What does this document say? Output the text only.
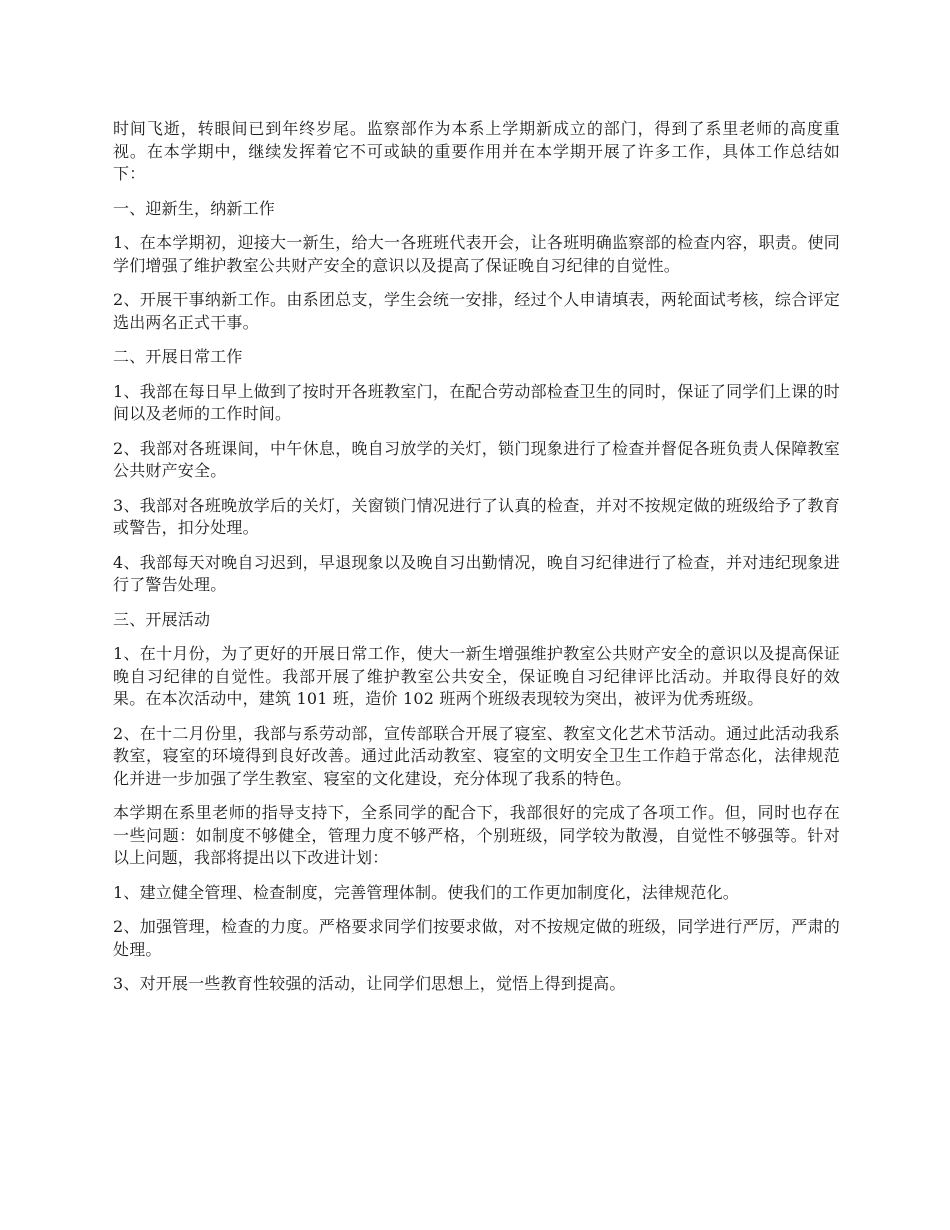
时间飞逝，转眼间已到年终岁尾。监察部作为本系上学期新成立的部门，得到了系里老师的高度重视。在本学期中，继续发挥着它不可或缺的重要作用并在本学期开展了许多工作，具体工作总结如下：

一、迎新生，纳新工作

1、在本学期初，迎接大一新生，给大一各班班代表开会，让各班明确监察部的检查内容，职责。使同学们增强了维护教室公共财产安全的意识以及提高了保证晚自习纪律的自觉性。

2、开展干事纳新工作。由系团总支，学生会统一安排，经过个人申请填表，两轮面试考核，综合评定选出两名正式干事。

二、开展日常工作

1、我部在每日早上做到了按时开各班教室门，在配合劳动部检查卫生的同时，保证了同学们上课的时间以及老师的工作时间。

2、我部对各班课间，中午休息，晚自习放学的关灯，锁门现象进行了检查并督促各班负责人保障教室公共财产安全。

3、我部对各班晚放学后的关灯，关窗锁门情况进行了认真的检查，并对不按规定做的班级给予了教育或警告，扣分处理。

4、我部每天对晚自习迟到，早退现象以及晚自习出勤情况，晚自习纪律进行了检查，并对违纪现象进行了警告处理。

三、开展活动

1、在十月份，为了更好的开展日常工作，使大一新生增强维护教室公共财产安全的意识以及提高保证晚自习纪律的自觉性。我部开展了维护教室公共安全，保证晚自习纪律评比活动。并取得良好的效果。在本次活动中，建筑 101 班，造价 102 班两个班级表现较为突出，被评为优秀班级。

2、在十二月份里，我部与系劳动部，宣传部联合开展了寝室、教室文化艺术节活动。通过此活动我系教室，寝室的环境得到良好改善。通过此活动教室、寝室的文明安全卫生工作趋于常态化，法律规范化并进一步加强了学生教室、寝室的文化建设，充分体现了我系的特色。

本学期在系里老师的指导支持下，全系同学的配合下，我部很好的完成了各项工作。但，同时也存在一些问题：如制度不够健全，管理力度不够严格，个别班级，同学较为散漫，自觉性不够强等。针对以上问题，我部将提出以下改进计划：

1、建立健全管理、检查制度，完善管理体制。使我们的工作更加制度化，法律规范化。

2、加强管理，检查的力度。严格要求同学们按要求做，对不按规定做的班级，同学进行严厉，严肃的处理。

3、对开展一些教育性较强的活动，让同学们思想上，觉悟上得到提高。
